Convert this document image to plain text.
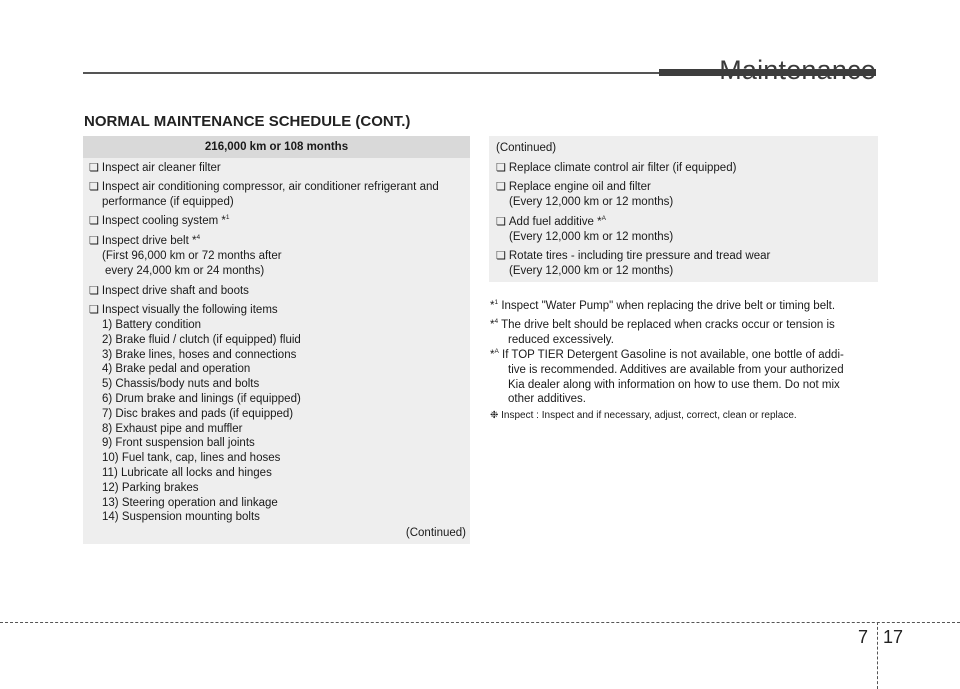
NORMAL MAINTENANCE SCHEDULE (CONT.)
216,000 km or 108 months
❏ Inspect air cleaner filter
❏ Inspect air conditioning compressor, air conditioner refrigerant and
performance (if equipped)
❏ Inspect cooling system *$^1$
❏ Inspect drive belt *$^4$
(First 96,000 km or 72 months after
every 24,000 km or 24 months)
❏ Inspect drive shaft and boots
❏ Inspect visually the following items
1) Battery condition
2) Brake fluid / clutch (if equipped) fluid
3) Brake lines, hoses and connections
4) Brake pedal and operation
5) Chassis/body nuts and bolts
6) Drum brake and linings (if equipped)
7) Disc brakes and pads (if equipped)
8) Exhaust pipe and muffler
9) Front suspension ball joints
10) Fuel tank, cap, lines and hoses
11) Lubricate all locks and hinges
12) Parking brakes
13) Steering operation and linkage
14) Suspension mounting bolts
(Continued)
(Continued)
❏ Replace climate control air filter (if equipped)
❏ Replace engine oil and filter
(Every 12,000 km or 12 months)
❏ Add fuel additive *$^A$
(Every 12,000 km or 12 months)
❏ Rotate tires - including tire pressure and tread wear
(Every 12,000 km or 12 months)
*$^1$ Inspect "Water Pump" when replacing the drive belt or timing belt.
*$^4$ The drive belt should be replaced when cracks occur or tension is
reduced excessively.
*$^A$ If TOP TIER Detergent Gasoline is not available, one bottle of addi-
tive is recommended. Additives are available from your authorized
Kia dealer along with information on how to use them. Do not mix
other additives.
❉ Inspect : Inspect and if necessary, adjust, correct, clean or replace.
7 17
